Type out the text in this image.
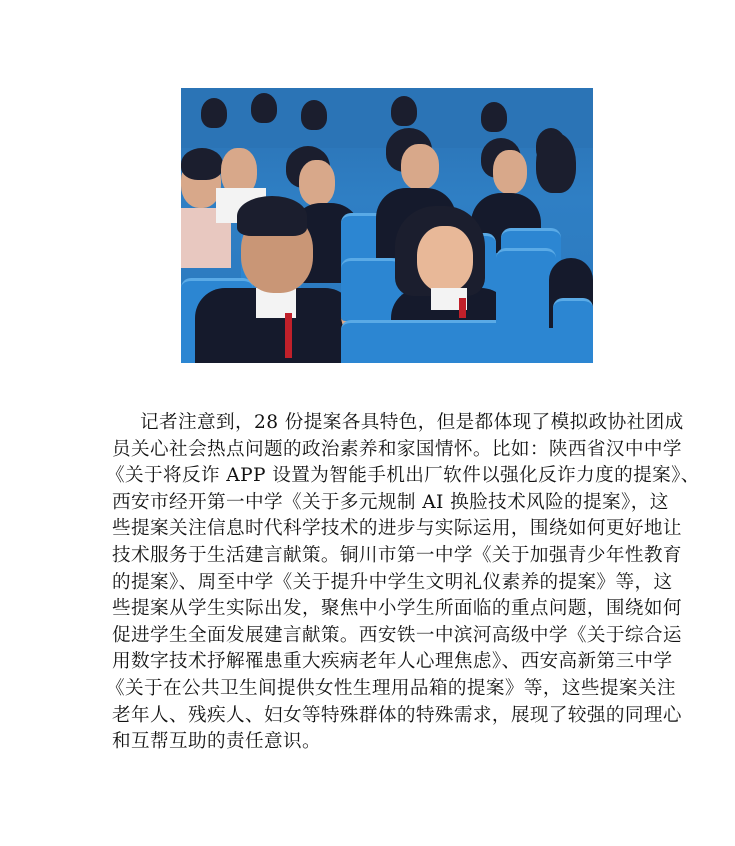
记者注意到，28 份提案各具特色，但是都体现了模拟政协社团成
员关心社会热点问题的政治素养和家国情怀。比如：陕西省汉中中学
《关于将反诈 APP 设置为智能手机出厂软件以强化反诈力度的提案》、
西安市经开第一中学《关于多元规制 AI 换脸技术风险的提案》，这
些提案关注信息时代科学技术的进步与实际运用，围绕如何更好地让
技术服务于生活建言献策。铜川市第一中学《关于加强青少年性教育
的提案》、周至中学《关于提升中学生文明礼仪素养的提案》等，这
些提案从学生实际出发，聚焦中小学生所面临的重点问题，围绕如何
促进学生全面发展建言献策。西安铁一中滨河高级中学《关于综合运
用数字技术抒解罹患重大疾病老年人心理焦虑》、西安高新第三中学
《关于在公共卫生间提供女性生理用品箱的提案》等，这些提案关注
老年人、残疾人、妇女等特殊群体的特殊需求，展现了较强的同理心
和互帮互助的责任意识。
